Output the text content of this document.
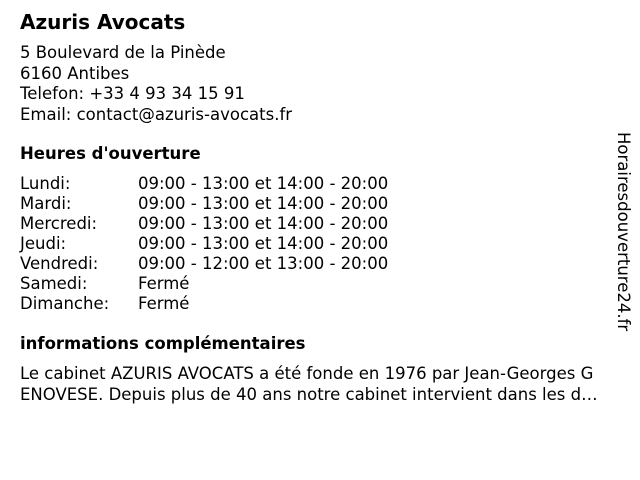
Azuris Avocats
5 Boulevard de la Pinède
6160 Antibes
Telefon: +33 4 93 34 15 91
Email: contact@azuris-avocats.fr
Heures d'ouverture
Lundi:	09:00 - 13:00 et 14:00 - 20:00
Mardi:	09:00 - 13:00 et 14:00 - 20:00
Mercredi:	09:00 - 13:00 et 14:00 - 20:00
Jeudi:	09:00 - 13:00 et 14:00 - 20:00
Vendredi:	09:00 - 12:00 et 13:00 - 20:00
Samedi:	Fermé
Dimanche:	Fermé
informations complémentaires
Le cabinet AZURIS AVOCATS a été fonde en 1976 par Jean-Georges G
ENOVESE. Depuis plus de 40 ans notre cabinet intervient dans les d…
Horairesdouverture24.fr
